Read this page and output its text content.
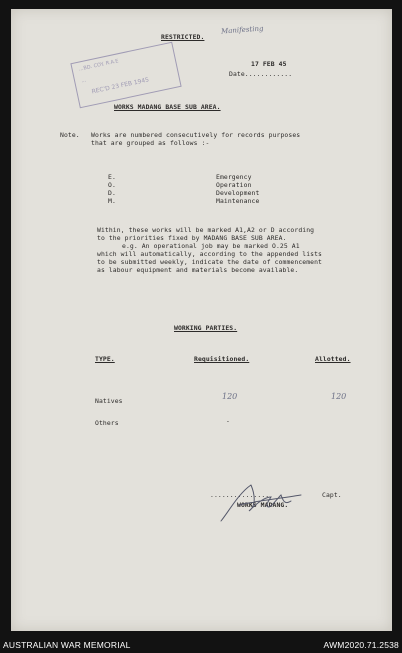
RESTRICTED.
Manifesting
...BD. COY. R.A.E
... REC'D 23 FEB 1945
17 FEB 45
Date............
WORKS MADANG BASE SUB AREA.
Note. Works are numbered consecutively for records purposes
that are grouped as follows :-
E.	Emergency
O.	Operation
D.	Development
M.	Maintenance
Within, these works will be marked A1,A2 or D according
to the priorities fixed by MADANG BASE SUB AREA.
e.g. An operational job may be marked O.25 A1
which will automatically, according to the appended lists
to be submitted weekly, indicate the date of commencement
as labour equipment and materials become available.
WORKING PARTIES.
TYPE.	Requisitioned.	Allotted.
Natives	120	120
Others	-
...............	Capt.
WORKS MADANG.
AUSTRALIAN WAR MEMORIAL	AWM2020.71.2538
